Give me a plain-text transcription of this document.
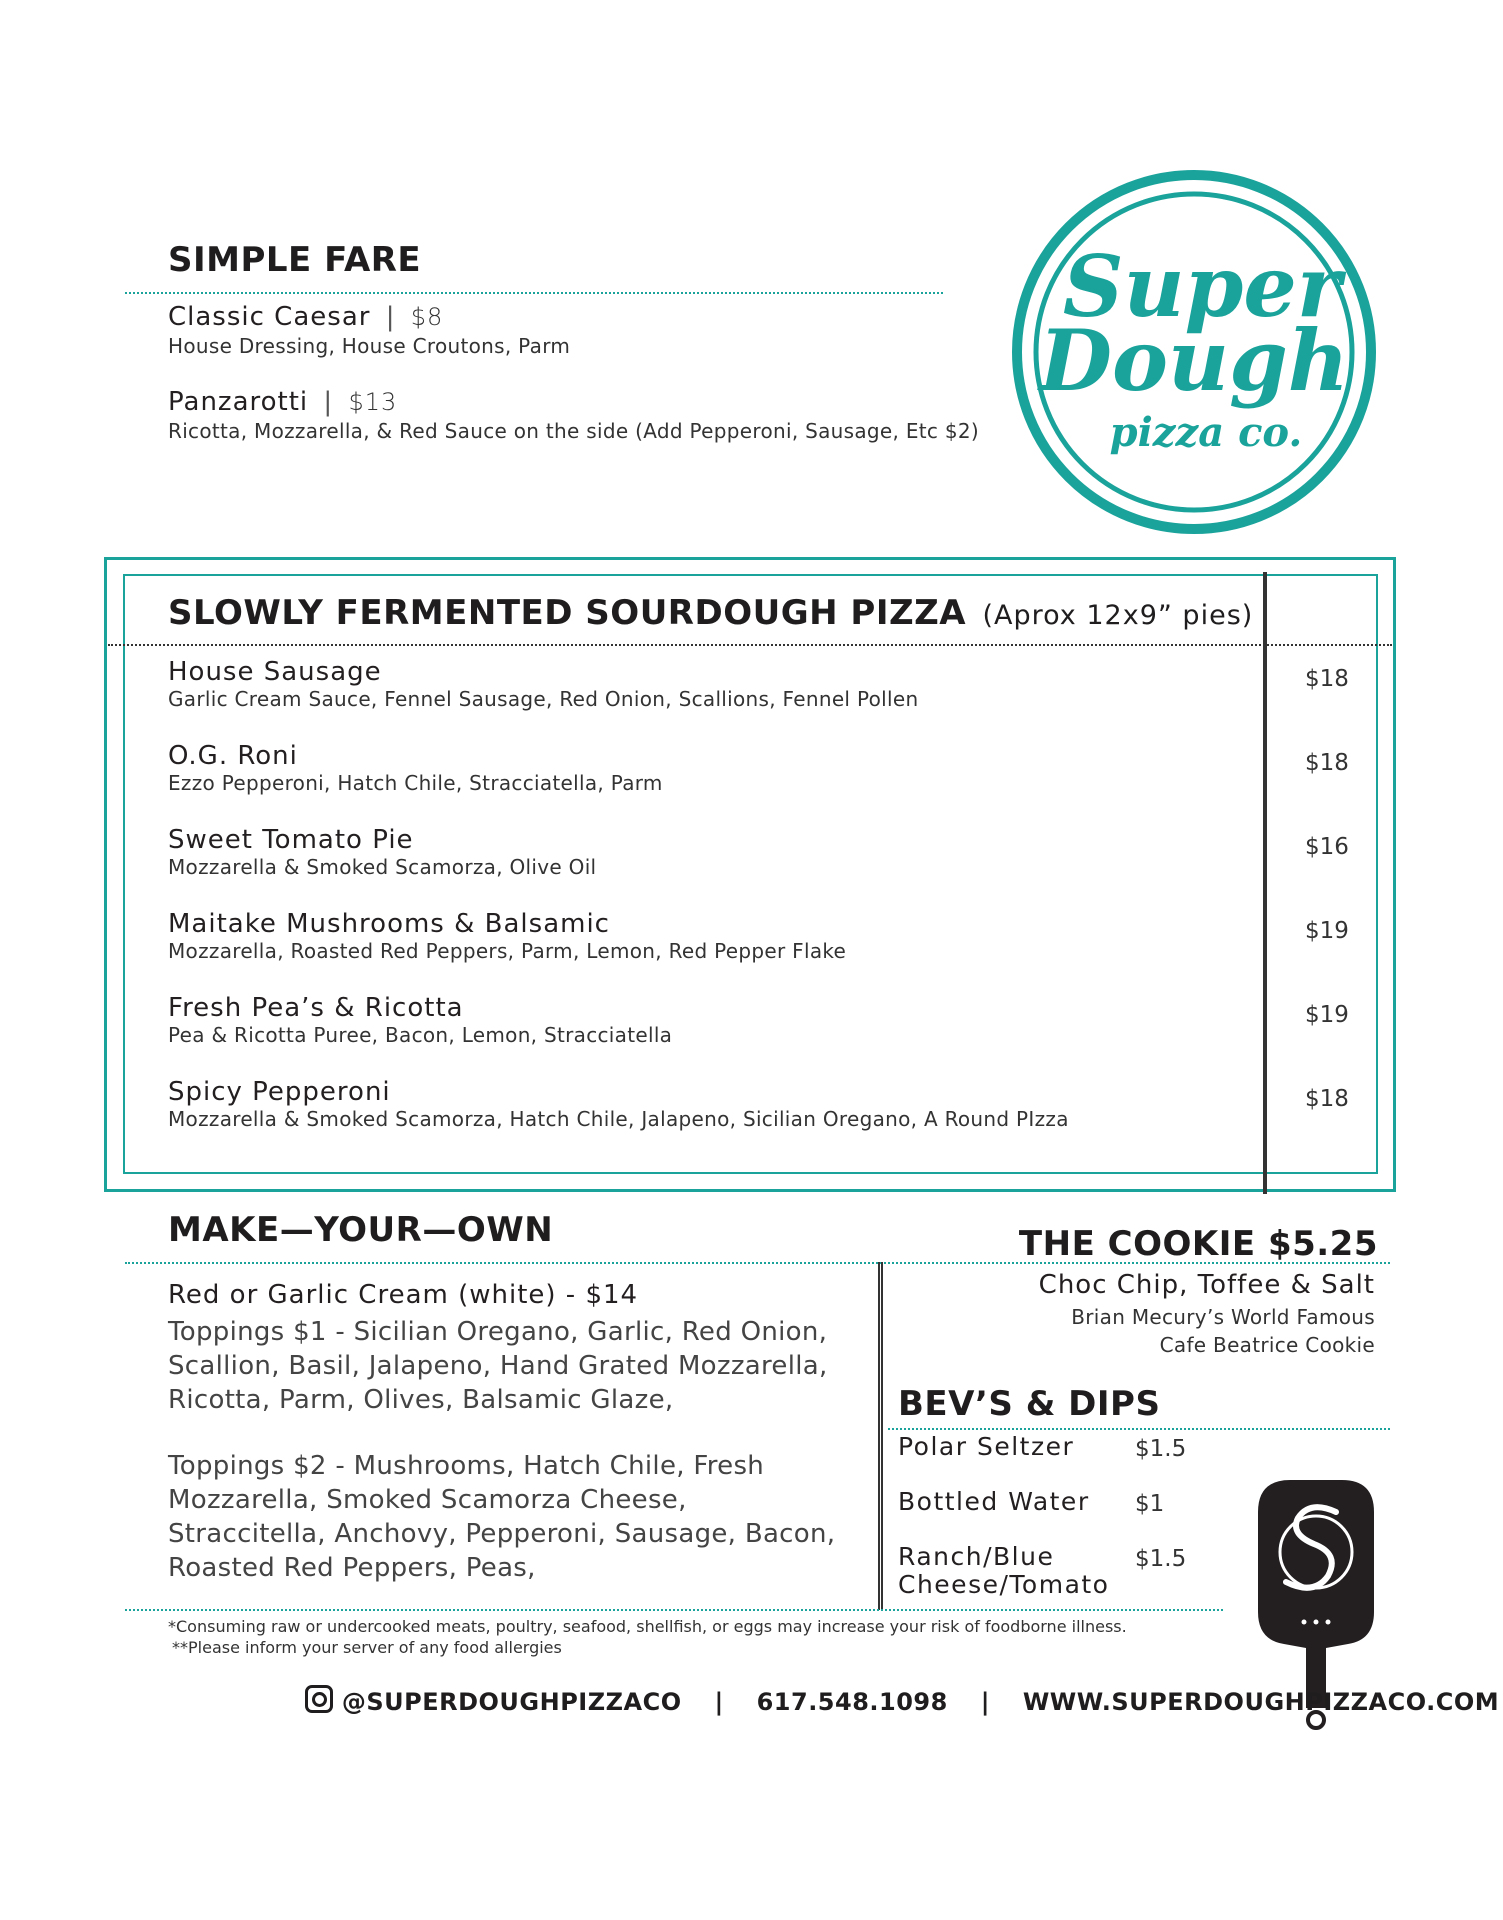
SIMPLE FARE
Classic Caesar | $8
House Dressing, House Croutons, Parm
Panzarotti | $13
Ricotta, Mozzarella, & Red Sauce on the side (Add Pepperoni, Sausage, Etc $2)
Super
Dough
pizza co.
SLOWLY FERMENTED SOURDOUGH PIZZA (Aprox 12x9” pies)
House Sausage
Garlic Cream Sauce, Fennel Sausage, Red Onion, Scallions, Fennel Pollen
O.G. Roni
Ezzo Pepperoni, Hatch Chile, Stracciatella, Parm
Sweet Tomato Pie
Mozzarella & Smoked Scamorza, Olive Oil
Maitake Mushrooms & Balsamic
Mozzarella, Roasted Red Peppers, Parm, Lemon, Red Pepper Flake
Fresh Pea’s & Ricotta
Pea & Ricotta Puree, Bacon, Lemon, Stracciatella
Spicy Pepperoni
Mozzarella & Smoked Scamorza, Hatch Chile, Jalapeno, Sicilian Oregano, A Round PIzza
$18
$18
$16
$19
$19
$18
MAKE—YOUR—OWN
Red or Garlic Cream (white) - $14
Toppings $1 - Sicilian Oregano, Garlic, Red Onion, Scallion, Basil, Jalapeno, Hand Grated Mozzarella, Ricotta, Parm, Olives, Balsamic Glaze,
Toppings $2 - Mushrooms, Hatch Chile, Fresh Mozzarella, Smoked Scamorza Cheese, Straccitella, Anchovy, Pepperoni, Sausage, Bacon, Roasted Red Peppers, Peas,
THE COOKIE $5.25
Choc Chip, Toffee & Salt
Brian Mecury’s World Famous
Cafe Beatrice Cookie
BEV’S & DIPS
Polar Seltzer	$1.5
Bottled Water $1
Ranch/Blue Cheese/Tomato
$1.5
*Consuming raw or undercooked meats, poultry, seafood, shellfish, or eggs may increase your risk of foodborne illness.
**Please inform your server of any food allergies
@SUPERDOUGHPIZZACO | 617.548.1098 | WWW.SUPERDOUGHPIZZACO.COM
